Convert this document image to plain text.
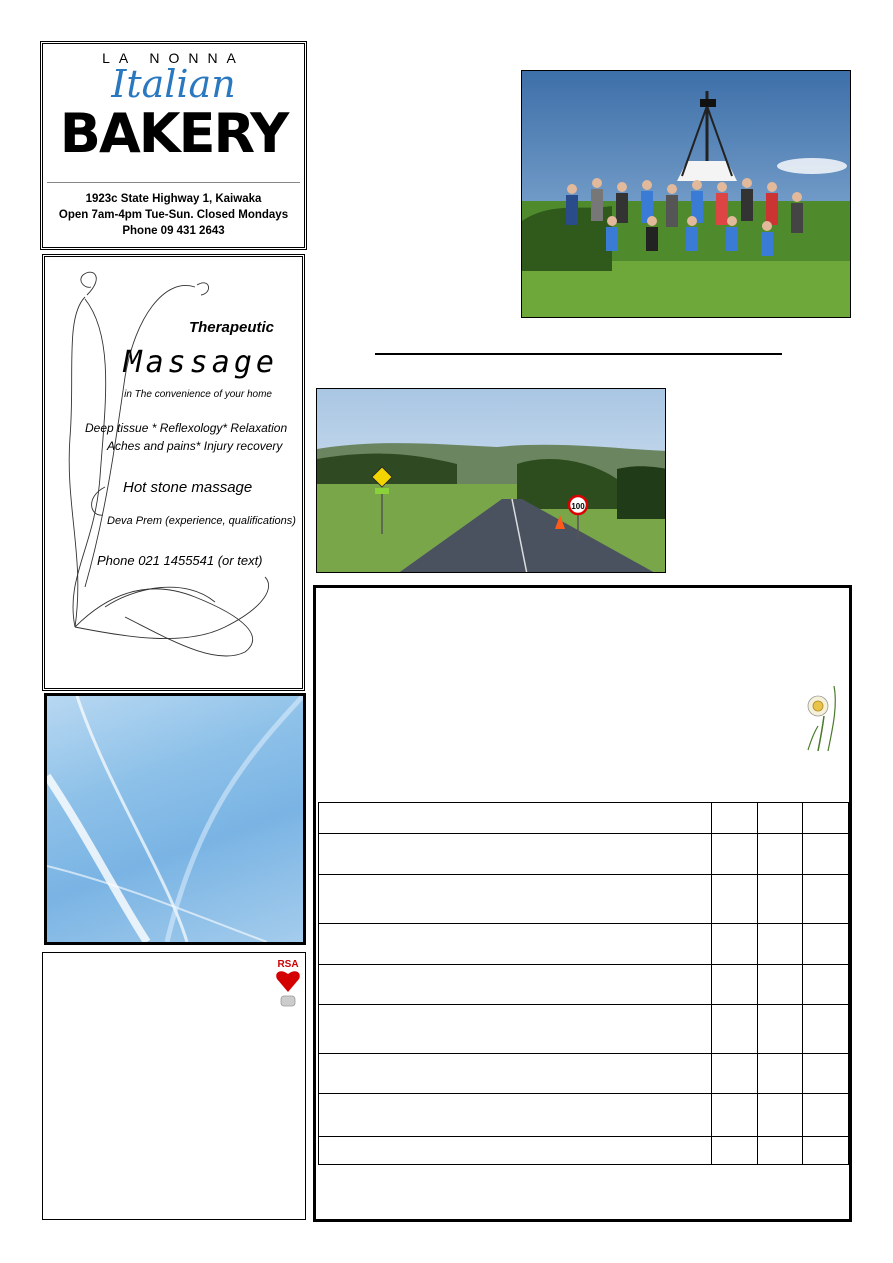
LA NONNA
Italian
BAKERY
1923c State Highway 1, Kaiwaka
Open 7am-4pm Tue-Sun. Closed Mondays
Phone 09 431 2643
Therapeutic
Massage
in The convenience of your home
Deep tissue * Reflexology* Relaxation
Aches and pains* Injury recovery
Hot stone massage
Deva Prem (experience, qualifications)
Phone 021 1455541 (or text)
RSA
100
